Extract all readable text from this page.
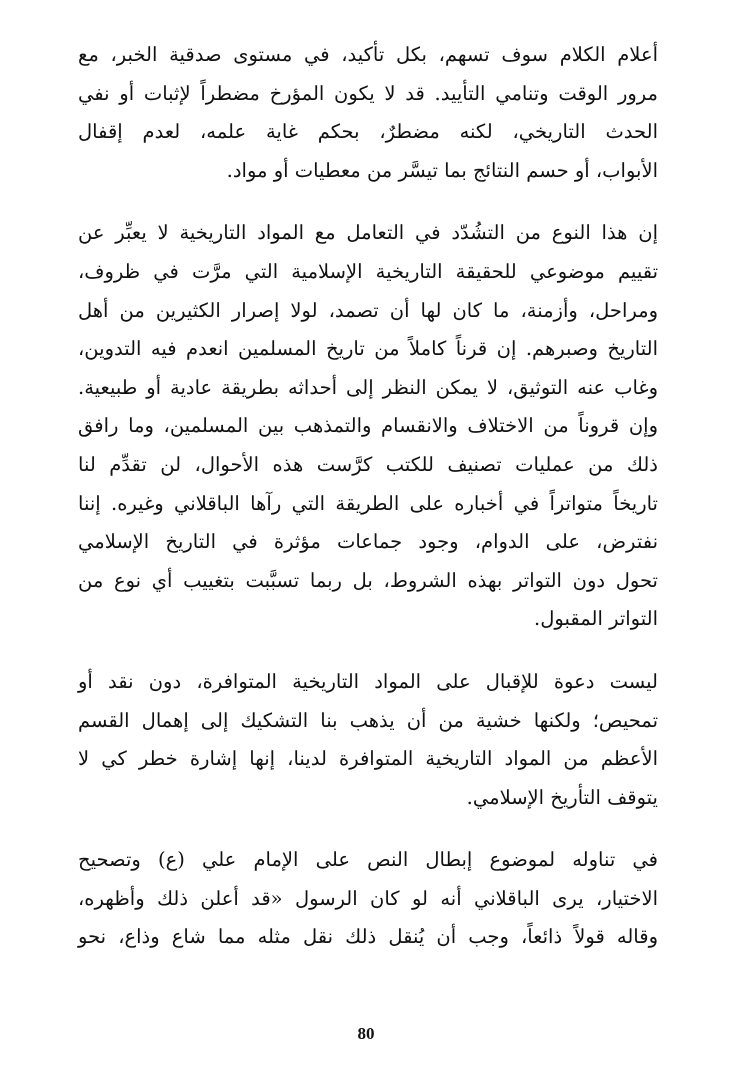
أعلام الكلام سوف تسهم، بكل تأكيد، في مستوى صدقية الخبر، مع
مرور الوقت وتنامي التأييد. قد لا يكون المؤرخ مضطراً لإثبات أو نفي
الحدث التاريخي، لكنه مضطرٌ، بحكم غاية علمه، لعدم إقفال
الأبواب، أو حسم النتائج بما تيسَّر من معطيات أو مواد.

إن هذا النوع من التشُدّد في التعامل مع المواد التاريخية لا يعبِّر عن
تقييم موضوعي للحقيقة التاريخية الإسلامية التي مرَّت في ظروف،
ومراحل، وأزمنة، ما كان لها أن تصمد، لولا إصرار الكثيرين من أهل
التاريخ وصبرهم. إن قرناً كاملاً من تاريخ المسلمين انعدم فيه التدوين،
وغاب عنه التوثيق، لا يمكن النظر إلى أحداثه بطريقة عادية أو طبيعية.
وإن قروناً من الاختلاف والانقسام والتمذهب بين المسلمين، وما رافق
ذلك من عمليات تصنيف للكتب كرَّست هذه الأحوال، لن تقدِّم لنا
تاريخاً متواتراً في أخباره على الطريقة التي رآها الباقلاني وغيره. إننا
نفترض، على الدوام، وجود جماعات مؤثرة في التاريخ الإسلامي
تحول دون التواتر بهذه الشروط، بل ربما تسبَّبت بتغييب أي نوع من
التواتر المقبول.

ليست دعوة للإقبال على المواد التاريخية المتوافرة، دون نقد أو
تمحيص؛ ولكنها خشية من أن يذهب بنا التشكيك إلى إهمال القسم
الأعظم من المواد التاريخية المتوافرة لدينا، إنها إشارة خطر كي لا
يتوقف التأريخ الإسلامي.

في تناوله لموضوع إبطال النص على الإمام علي (ع) وتصحيح
الاختيار، يرى الباقلاني أنه لو كان الرسول «قد أعلن ذلك وأظهره،
وقاله قولاً ذائعاً، وجب أن يُنقل ذلك نقل مثله مما شاع وذاع، نحو

80
